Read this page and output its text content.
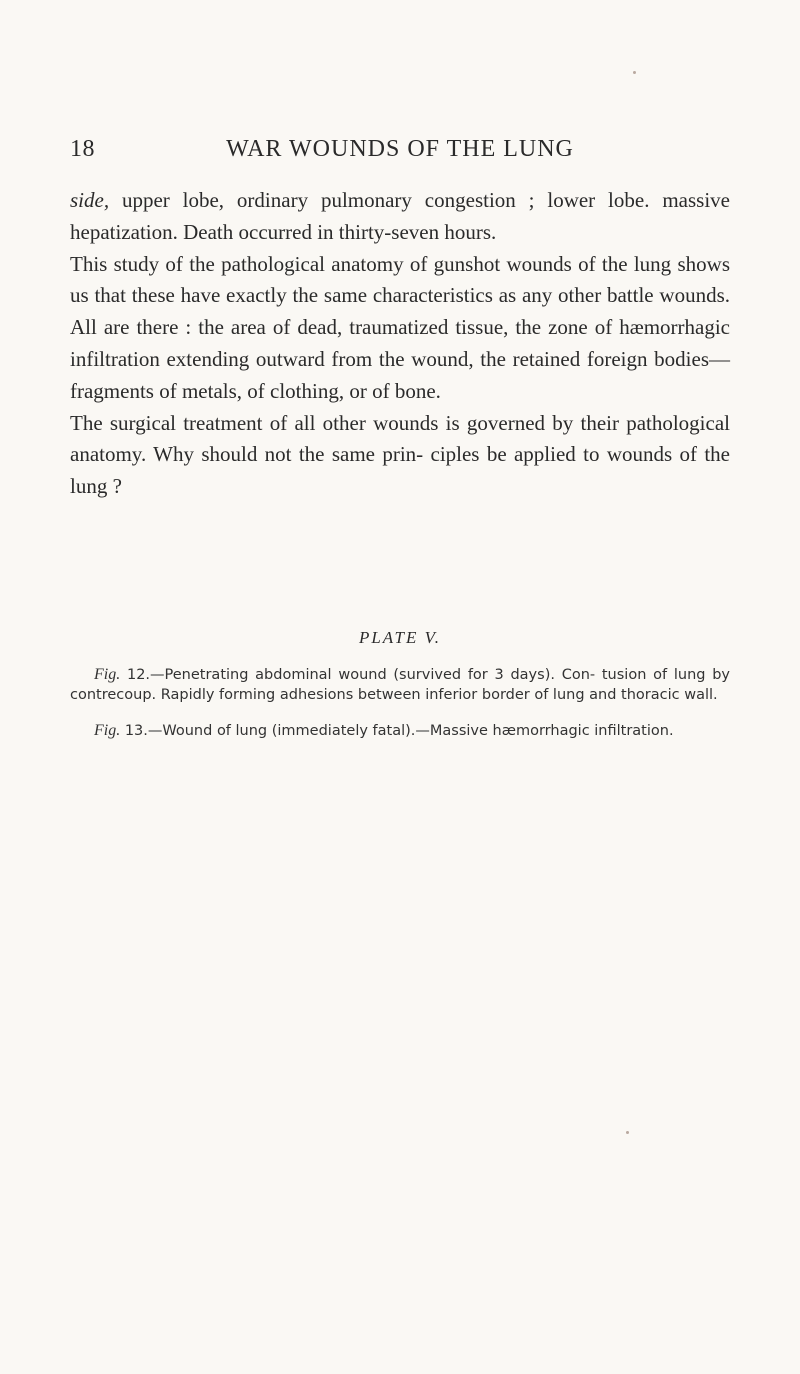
18	WAR WOUNDS OF THE LUNG

side, upper lobe, ordinary pulmonary congestion ; lower lobe. massive hepatization. Death occurred in thirty-seven hours.

This study of the pathological anatomy of gunshot wounds of the lung shows us that these have exactly the same characteristics as any other battle wounds. All are there : the area of dead, traumatized tissue, the zone of hæmorrhagic infiltration extending outward from the wound, the retained foreign bodies—fragments of metals, of clothing, or of bone.

The surgical treatment of all other wounds is governed by their pathological anatomy. Why should not the same prin- ciples be applied to wounds of the lung ?

PLATE V.

Fig. 12.—Penetrating abdominal wound (survived for 3 days). Con- tusion of lung by contrecoup. Rapidly forming adhesions between inferior border of lung and thoracic wall.

Fig. 13.—Wound of lung (immediately fatal).—Massive hæmorrhagic infiltration.
